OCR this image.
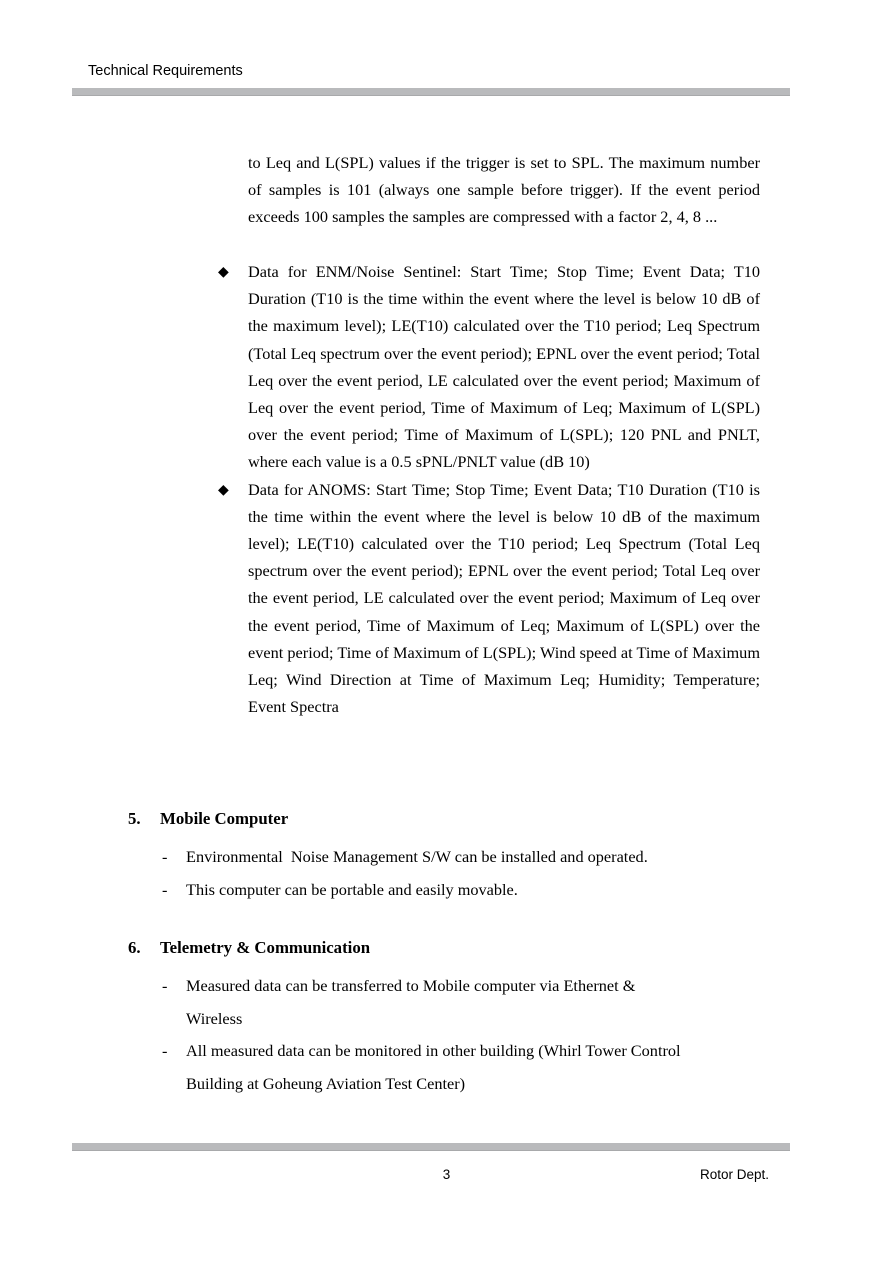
Technical Requirements
to Leq and L(SPL) values if the trigger is set to SPL. The maximum number of samples is 101 (always one sample before trigger). If the event period exceeds 100 samples the samples are compressed with a factor 2, 4, 8 ...
◆ Data for ENM/Noise Sentinel: Start Time; Stop Time; Event Data; T10 Duration (T10 is the time within the event where the level is below 10 dB of the maximum level); LE(T10) calculated over the T10 period; Leq Spectrum (Total Leq spectrum over the event period); EPNL over the event period; Total Leq over the event period, LE calculated over the event period; Maximum of Leq over the event period, Time of Maximum of Leq; Maximum of L(SPL) over the event period; Time of Maximum of L(SPL); 120 PNL and PNLT, where each value is a 0.5 sPNL/PNLT value (dB 10)
◆ Data for ANOMS: Start Time; Stop Time; Event Data; T10 Duration (T10 is the time within the event where the level is below 10 dB of the maximum level); LE(T10) calculated over the T10 period; Leq Spectrum (Total Leq spectrum over the event period); EPNL over the event period; Total Leq over the event period, LE calculated over the event period; Maximum of Leq over the event period, Time of Maximum of Leq; Maximum of L(SPL) over the event period; Time of Maximum of L(SPL); Wind speed at Time of Maximum Leq; Wind Direction at Time of Maximum Leq; Humidity; Temperature; Event Spectra
5. Mobile Computer
- Environmental  Noise Management S/W can be installed and operated.
- This computer can be portable and easily movable.
6. Telemetry & Communication
- Measured data can be transferred to Mobile computer via Ethernet &
Wireless
- All measured data can be monitored in other building (Whirl Tower Control
Building at Goheung Aviation Test Center)
3	Rotor Dept.
